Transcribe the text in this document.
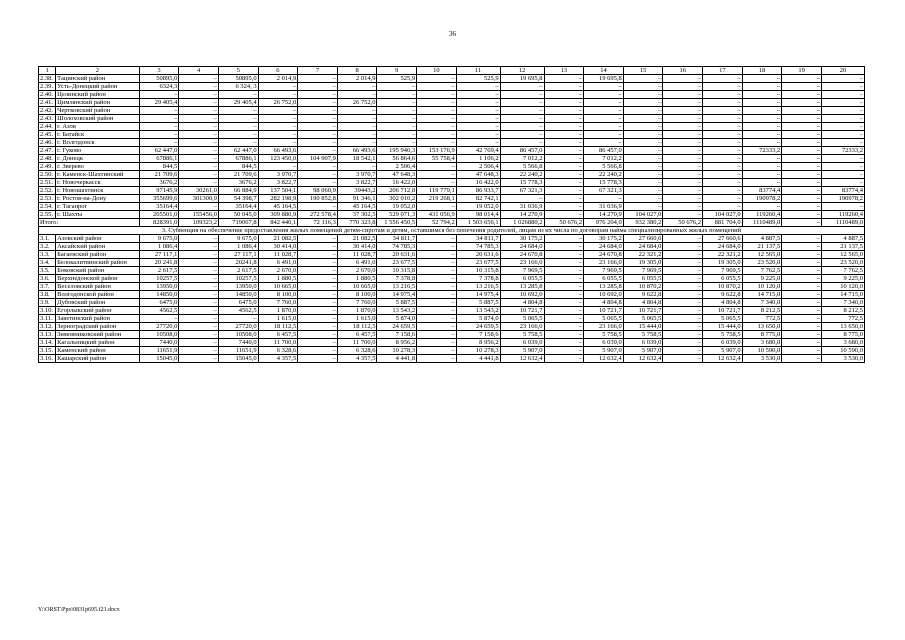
36
1	2	3	4	5	6	7	8	9	10	11	12	13	14	15	16	17	18	19	20
2.38.	Тацинский район	50895,0	–	50895,0	2 014,9	–	2 014,9	525,9	–	525,9	19 695,8	–	19 695,8	–	–	–	–	–	–
2.39.	Усть-Донецкий район	6324,3	–	6 324, 3	–	–	–	–	–	–	–	–	–	–	–	–	–	–	–
2.40.	Целинский район	–	–	–	–	–	–	–	–	–	–	–	–	–	–	–	–	–	–
2.41.	Цимлянский район	29 405,4	–	29 405,4	26 752,0	–	26 752,0	–	–	–	–	–	–	–	–	–	–	–	–
2.42.	Чертковский район	–	–	–	–	–	–	–	–	–	–	–	–	–	–	–	–	–	–
2.43.	Шолоховский район	–	–	–	–	–	–	–	–	–	–	–	–	–	–	–	–	–	–
2.44.	г. Азов	–	–	–	–	–	–	–	–	–	–	–	–	–	–	–	–	–	–
2.45.	г. Батайск	–	–	–	–	–	–	–	–	–	–	–	–	–	–	–	–	–	–
2.46.	г. Волгодонск	–	–	–	–	–	–	–	–	–	–	–	–	–	–	–	–	–	–
2.47.	г. Гуково	62 447,0	–	62 447,0	66 493,6	–	66 493,6	195 946,3	153 176,9	42 769,4	86 457,0	–	86 457,0	–	–	–	72333,2	–	72333,2
2.48.	г. Донецк	67886,1	–	67886,1	123 450,0	104 907,9	18 542,1	56 864,6	55 758,4	1 106,2	7 012,2	–	7 012,2	–	–	–	–	–	–
2.49.	г. Зверево	844,5	–	844,5	–	–	–	2 506,4	–	2 506,4	5 566,8	–	5 566,8	–	–	–	–	–	–
2.50.	г. Каменск-Шахтинский	21 709,6	–	21 709,6	3 970,7	–	3 970,7	47 648,3	–	47 648,3	22 240,2	–	22 240,2	–	–	–	–	–	–
2.51.	г. Новочеркасск	3676,2	–	3676,2	3 822,7	–	3 822,7	16 422,0	–	16 422,0	15 778,3	–	15 778,3	–	–	–	–	–	–
2.52.	г. Новошахтинск	97145,9	30261,0	66 884,9	137 504,1	98 060,9	39443,2	206 712,8	119 779,1	86 933,7	67 321,3	–	67 321,3	–	–	–	83774,4	–	83774,4
2.53.	г. Ростов-на-Дону	355699,6	301300,9	54 398,7	282 198,9	190 852,8	91 346,1	302 010,2	219 268,1	82 742,1	–	–	–	–	–	–	190978,2	–	190978,2
2.54.	г. Таганрог	35164,4	–	35164,4	45 164,5	–	45 164,5	19 052,0	–	19 052,0	31 036,9	–	31 036,9	–	–	–	–	–	–
2.55.	г. Шахты	205501,0	155456,0	50 045,0	309 880,9	272 578,4	37 302,5	529 071,3	431 056,9	98 014,4	14 270,9	–	14 270,9	104 027,0	–	104 027,0	119260,4	–	119260,4
Итого:		828391,0	109323,2	719067,8	842 440,1	72 116,3	770 323,8	1 556 450,5	52 794,2	1 503 656,1	1 026880,2	50 676,2	976 204,0	932 380,2	50 676,2	881 704,0	1110489,0	–	1110489,0
3. Субвенция на обеспечение предоставления жилых помещений детям-сиротам и детям, оставшимся без попечения родителей, лицам из их числа по договорам найма специализированных жилых помещений																			
3.1.	Азовский район	9 675,0	–	9 675,0	21 082,5	–	21 082,5	34 811,7	–	34 811,7	30 175,2	–	30 175,2	27 660,6	–	27 660,6	4 887,5	–	4 887,5
3.2.	Аксайский район	1 086,4	–	1 086,4	30 414,0	–	30 414,0	74 785,3	–	74 785,3	24 684,0	–	24 684,0	24 684,0	–	24 684,0	21 137,5	–	21 137,5
3.3.	Багаевский район	27 117,1	–	27 117,1	11 028,7	–	11 028,7	20 631,6	–	20 631,6	24 670,8	–	24 670,8	22 321,2	–	22 321,2	12 565,0	–	12 565,0
3.4.	Белокалитвинский район	20 241,8	–	20241,8	6 491,0	–	6 491,0	23 677,5	–	23 677,5	23 166,0	–	23 166,0	19 305,0	–	19 305,0	23 520,0	–	23 520,0
3.5.	Боковский район	2 617,5	–	2 617,5	2 670,0	–	2 670,0	10 315,8	–	10 315,8	7 969,5	–	7 969,5	7 969,5	–	7 969,5	7 762,5	–	7 762,5
3.6.	Верхнедонской район	10257,5	–	10257,5	1 880,5	–	1 880,5	7 378,8	–	7 378,8	6 055,5	–	6 055,5	6 055,5	–	6 055,5	9 225,0	–	9 225,0
3.7.	Веселовский район	13950,0	–	13950,0	10 665,0	–	10 665,0	13 216,5	–	13 216,5	13 285,8	–	13 285,8	10 870,2	–	10 870,2	10 120,0	–	10 120,0
3.8.	Волгодонской район	14850,0	–	14850,0	8 100,0	–	8 100,0	14 975,4	–	14 975,4	10 692,0	–	10 692,0	9 622,8	–	9 622,8	14 715,0	–	14 715,0
3.9.	Дубовский район	6475,0	–	6475,0	7 760,0	–	7 760,0	5 887,5	–	5 887,5	4 804,8	–	4 804,8	4 804,8	–	4 804,8	7 340,0	–	7 340,0
3.10.	Егорлыкский район	4562,5	–	4562,5	1 870,0	–	1 870,0	13 543,2	–	13 543,2	10 721,7	–	10 721,7	10 721,7	–	10 721,7	8 212,5	–	8 212,5
3.11.	Заветинский район	–	–	–	1 615,0	–	1 615,0	5 874,0	–	5 874,0	5 065,5	–	5 065,5	5 065,5	–	5 065,5	772,5	–	772,5
3.12.	Зерноградский район	27720,0	–	27720,0	18 112,5	–	18 112,5	24 659,5	–	24 659,5	23 166,0	–	23 166,0	15 444,0	–	15 444,0	13 650,0	–	13 650,0
3.13.	Зимовниковский район	10508,0	–	10508,0	6 457,5	–	6 457,5	7 158,6	–	7 158,6	5 758,5	–	5 758,5	5 758,5	–	5 758,5	8 775,0	–	8 775,0
3.14.	Кагальницкий район	7440,0	–	7440,0	11 700,0	–	11 700,0	8 956,2	–	8 956,2	6 039,0	–	6 039,0	6 039,0	–	6 039,0	3 680,0	–	3 680,0
3.15.	Каменский район	11651,9	–	11651,9	6 328,6	–	6 328,6	10 278,3	–	10 278,3	5 907,0	–	5 907,0	5 907,0	–	5 907,0	10 590,0	–	10 590,0
3.16.	Кашарский район	15045,0	–	15045,0	4 357,5	–	4 357,5	4 441,8	–	4 441,8	12 632,4	–	12 632,4	12 632,4	–	12 632,4	3 530,0	–	3 530,0
Y:\ORST\Ppo\0831p695.f21.docx
